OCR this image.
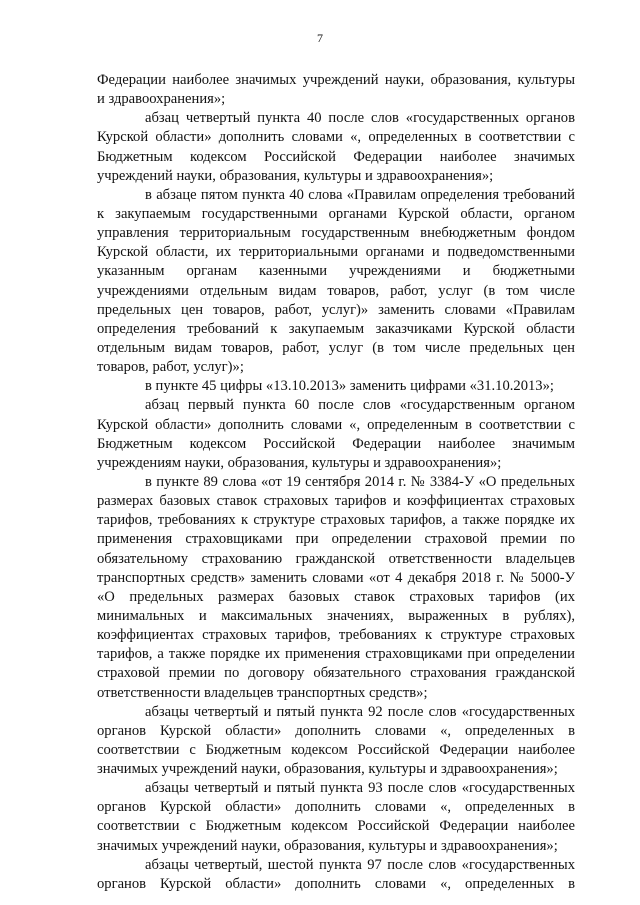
7
Федерации наиболее значимых учреждений науки, образования, культуры
и здравоохранения»;
абзац четвертый пункта 40 после слов «государственных органов
Курской области» дополнить словами «, определенных в соответствии с
Бюджетным кодексом Российской Федерации наиболее значимых
учреждений науки, образования, культуры и здравоохранения»;
в абзаце пятом пункта 40 слова «Правилам определения требований
к закупаемым государственными органами Курской области, органом
управления территориальным государственным внебюджетным фондом
Курской области, их территориальными органами и подведомственными
указанным органам казенными учреждениями и бюджетными
учреждениями отдельным видам товаров, работ, услуг (в том числе
предельных цен товаров, работ, услуг)» заменить словами «Правилам
определения требований к закупаемым заказчиками Курской области
отдельным видам товаров, работ, услуг (в том числе предельных цен
товаров, работ, услуг)»;
в пункте 45 цифры «13.10.2013» заменить цифрами «31.10.2013»;
абзац первый пункта 60 после слов «государственным органом
Курской области» дополнить словами «, определенным в соответствии с
Бюджетным кодексом Российской Федерации наиболее значимым
учреждениям науки, образования, культуры и здравоохранения»;
в пункте 89 слова «от 19 сентября 2014 г. № 3384-У «О предельных
размерах базовых ставок страховых тарифов и коэффициентах страховых
тарифов, требованиях к структуре страховых тарифов, а также порядке их
применения страховщиками при определении страховой премии по
обязательному страхованию гражданской ответственности владельцев
транспортных средств» заменить словами «от 4 декабря 2018 г. № 5000-У
«О предельных размерах базовых ставок страховых тарифов (их
минимальных и максимальных значениях, выраженных в рублях),
коэффициентах страховых тарифов, требованиях к структуре страховых
тарифов, а также порядке их применения страховщиками при определении
страховой премии по договору обязательного страхования гражданской
ответственности владельцев транспортных средств»;
абзацы четвертый и пятый пункта 92 после слов «государственных
органов Курской области» дополнить словами «, определенных в
соответствии с Бюджетным кодексом Российской Федерации наиболее
значимых учреждений науки, образования, культуры и здравоохранения»;
абзацы четвертый и пятый пункта 93 после слов «государственных
органов Курской области» дополнить словами «, определенных в
соответствии с Бюджетным кодексом Российской Федерации наиболее
значимых учреждений науки, образования, культуры и здравоохранения»;
абзацы четвертый, шестой пункта 97 после слов «государственных
органов Курской области» дополнить словами «, определенных в
